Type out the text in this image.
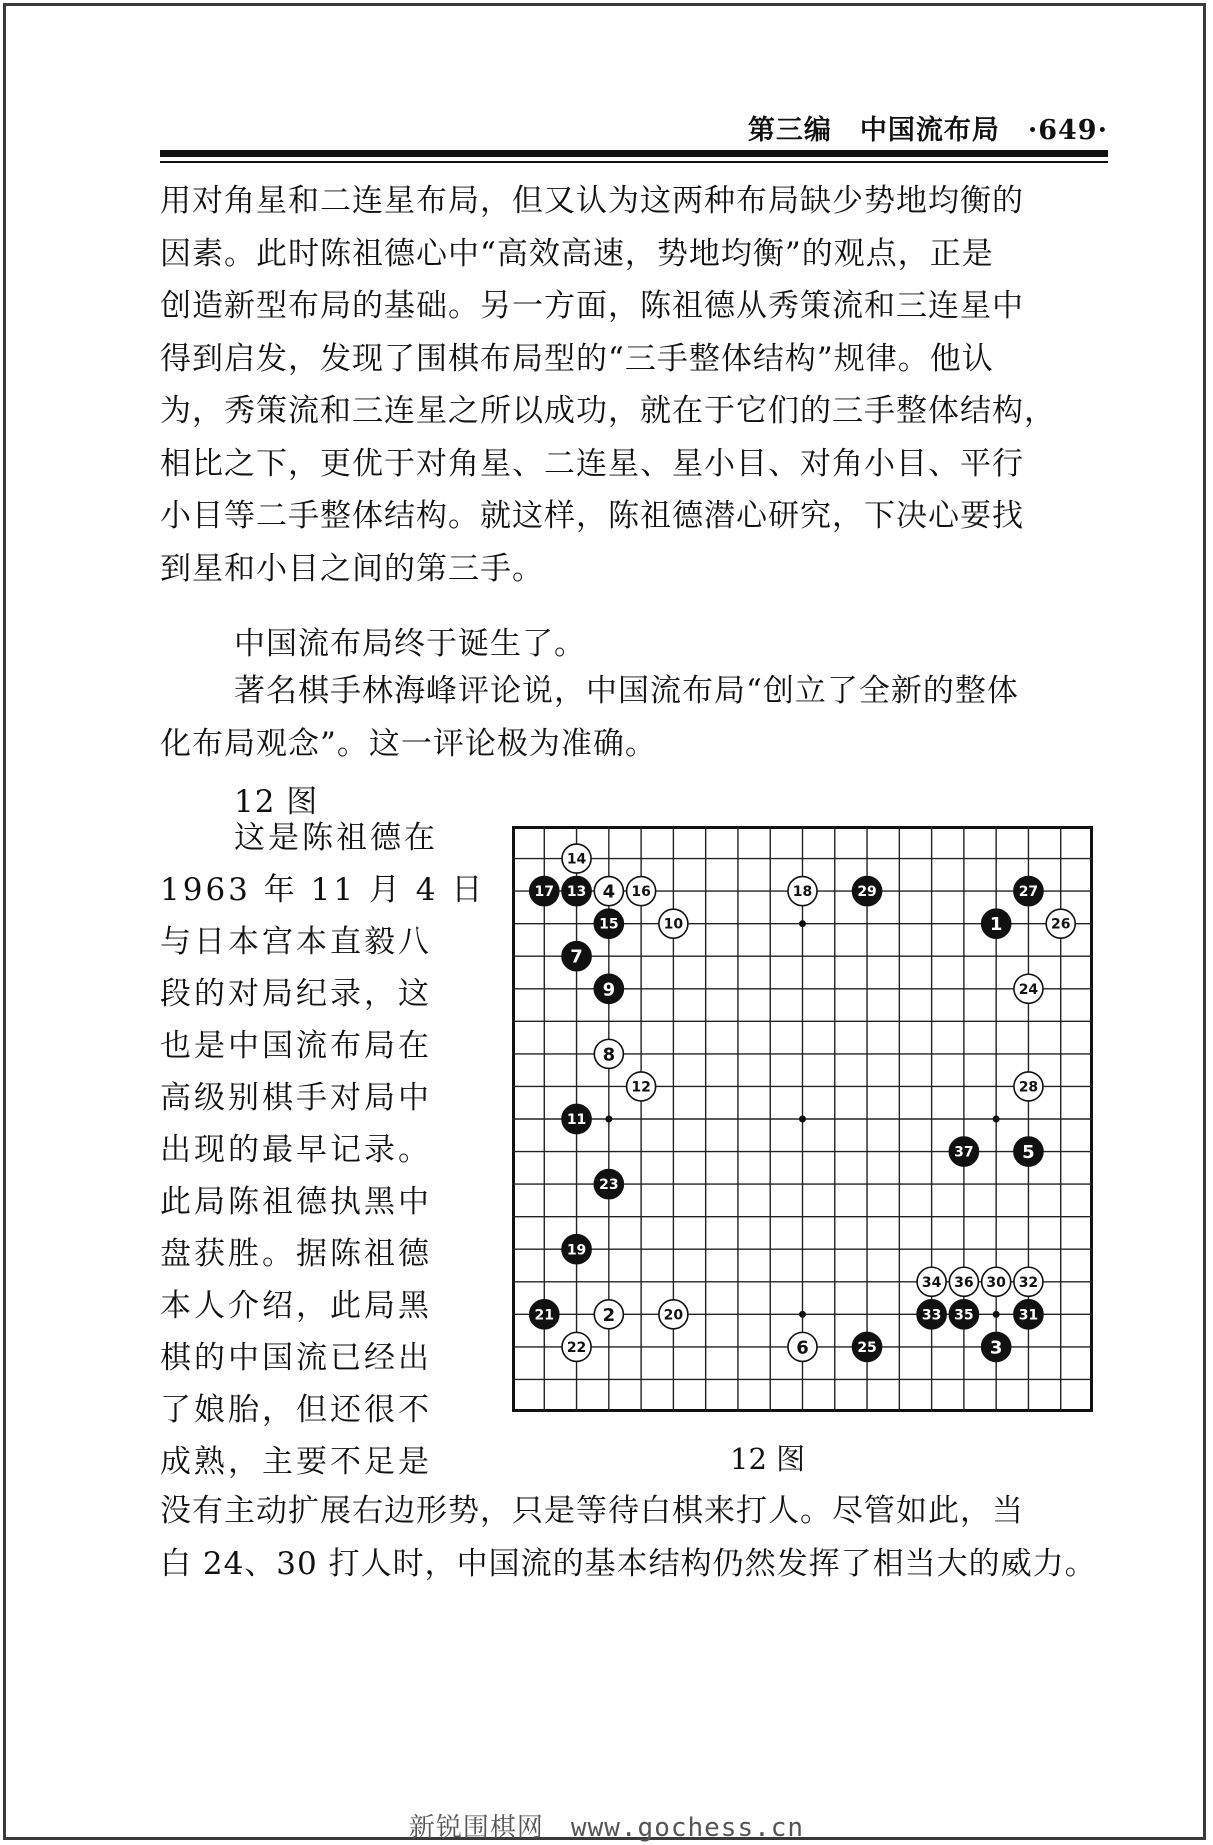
第三编　中国流布局　·649·
用对角星和二连星布局，但又认为这两种布局缺少势地均衡的
因素。此时陈祖德心中“高效高速，势地均衡”的观点，正是
创造新型布局的基础。另一方面，陈祖德从秀策流和三连星中
得到启发，发现了围棋布局型的“三手整体结构”规律。他认
为，秀策流和三连星之所以成功，就在于它们的三手整体结构，
相比之下，更优于对角星、二连星、星小目、对角小目、平行
小目等二手整体结构。就这样，陈祖德潜心研究，下决心要找
到星和小目之间的第三手。
中国流布局终于诞生了。
著名棋手林海峰评论说，中国流布局“创立了全新的整体
化布局观念”。这一评论极为准确。
12 图
这是陈祖德在
1963 年 11 月 4 日
与日本宫本直毅八
段的对局纪录，这
也是中国流布局在
高级别棋手对局中
出现的最早记录。
此局陈祖德执黑中
盘获胜。据陈祖德
本人介绍，此局黑
棋的中国流已经出
了娘胎，但还很不
成熟，主要不足是
1
2
3
4
5
6
7
8
9
10
11
12
13
14
15
16
17	18
19
20
21
22
23
24
25
26
27
28
29
30
31
32
33
34
35
36
37
12 图
没有主动扩展右边形势，只是等待白棋来打人。尽管如此，当
白 24、30 打人时，中国流的基本结构仍然发挥了相当大的威力。
新锐围棋网　www.gochess.cn
